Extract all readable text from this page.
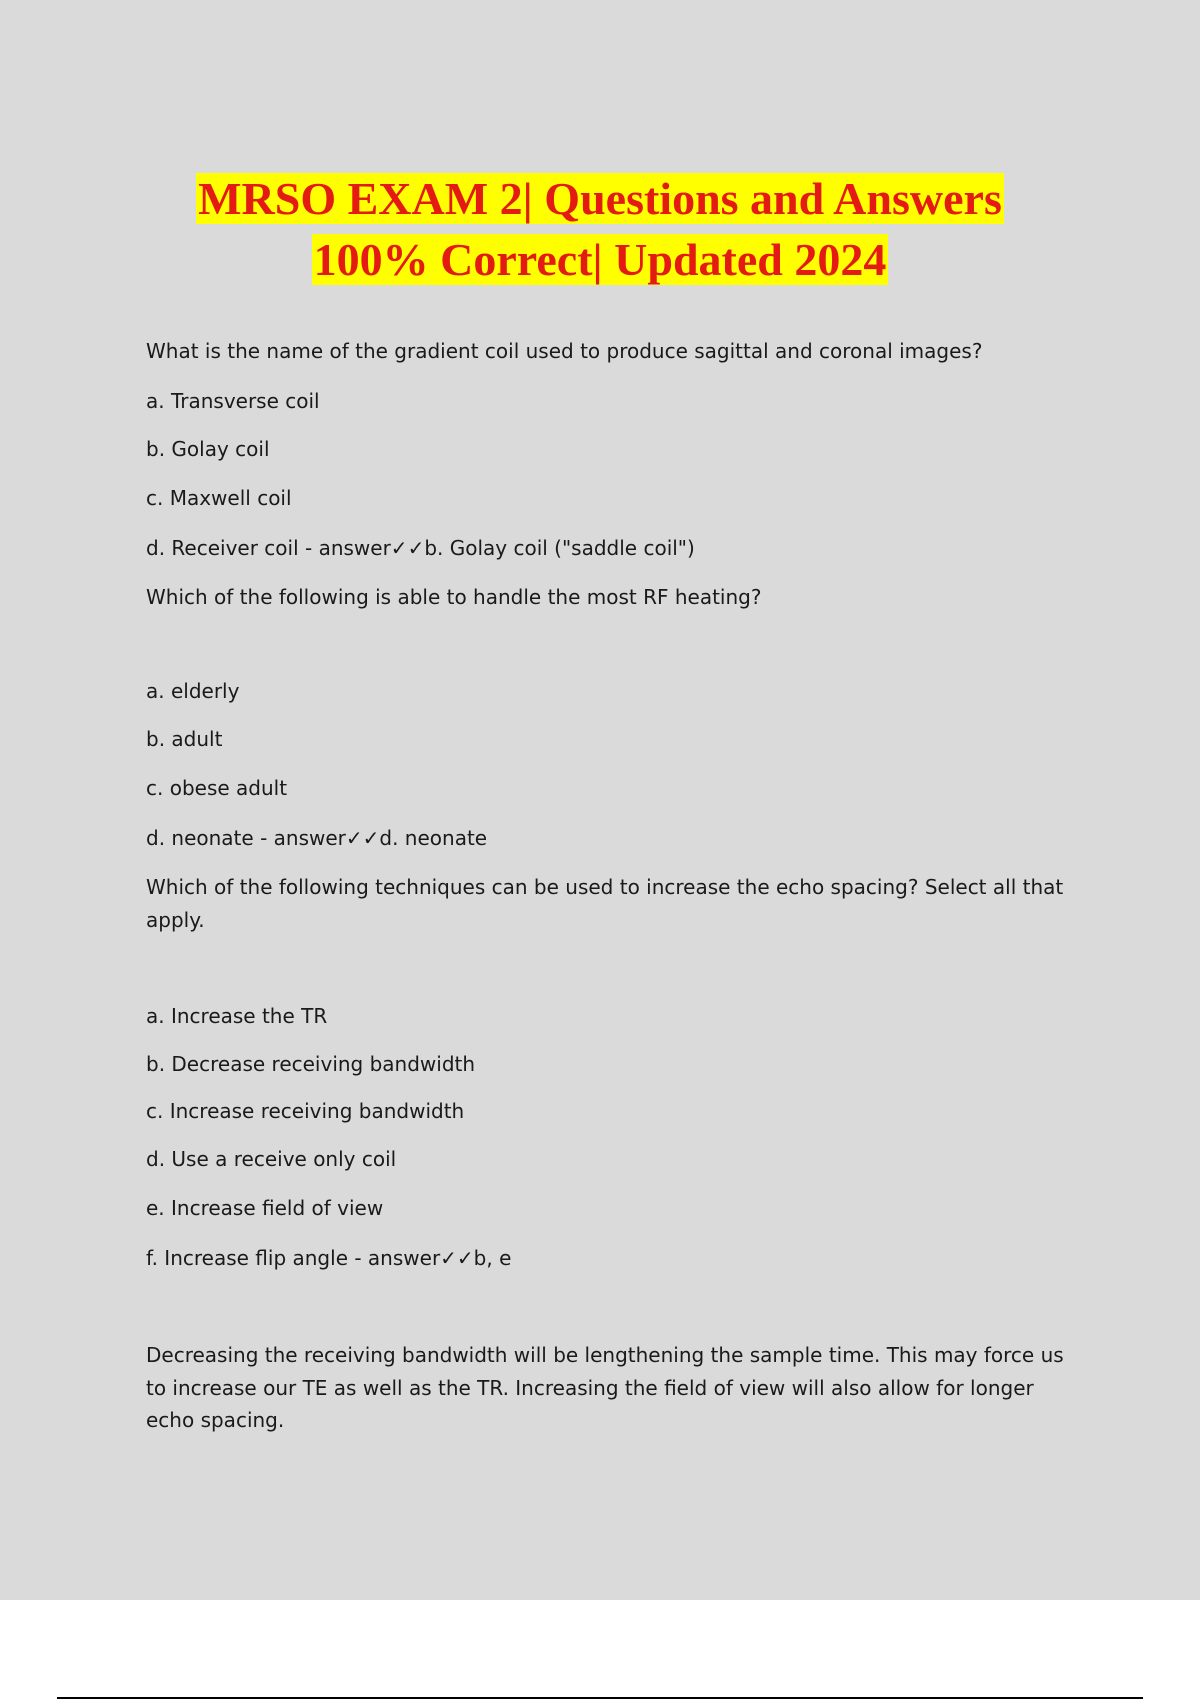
MRSO EXAM 2| Questions and Answers
100% Correct| Updated 2024
What is the name of the gradient coil used to produce sagittal and coronal images?
a. Transverse coil
b. Golay coil
c. Maxwell coil
d. Receiver coil - answer✓✓b. Golay coil ("saddle coil")
Which of the following is able to handle the most RF heating?
a. elderly
b. adult
c. obese adult
d. neonate - answer✓✓d. neonate
Which of the following techniques can be used to increase the echo spacing? Select all that apply.
a. Increase the TR
b. Decrease receiving bandwidth
c. Increase receiving bandwidth
d. Use a receive only coil
e. Increase field of view
f. Increase flip angle - answer✓✓b, e
Decreasing the receiving bandwidth will be lengthening the sample time. This may force us to increase our TE as well as the TR. Increasing the field of view will also allow for longer echo spacing.
